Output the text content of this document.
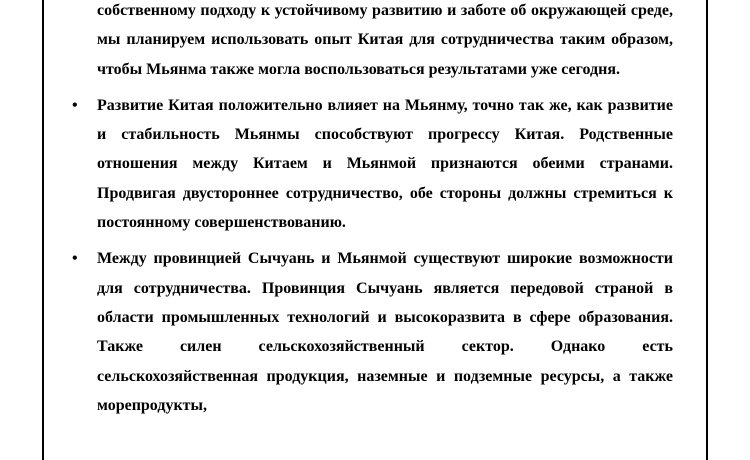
собственному подходу к устойчивому развитию и заботе об окружающей среде, мы планируем использовать опыт Китая для сотрудничества таким образом, чтобы Мьянма также могла воспользоваться результатами уже сегодня.

• Развитие Китая положительно влияет на Мьянму, точно так же, как развитие и стабильность Мьянмы способствуют прогрессу Китая. Родственные отношения между Китаем и Мьянмой признаются обеими странами. Продвигая двустороннее сотрудничество, обе стороны должны стремиться к постоянному совершенствованию.

• Между провинцией Сычуань и Мьянмой существуют широкие возможности для сотрудничества. Провинция Сычуань является передовой страной в области промышленных технологий и высокоразвита в сфере образования. Также силен сельскохозяйственный сектор. Однако есть сельскохозяйственная продукция, наземные и подземные ресурсы, а также морепродукты,
